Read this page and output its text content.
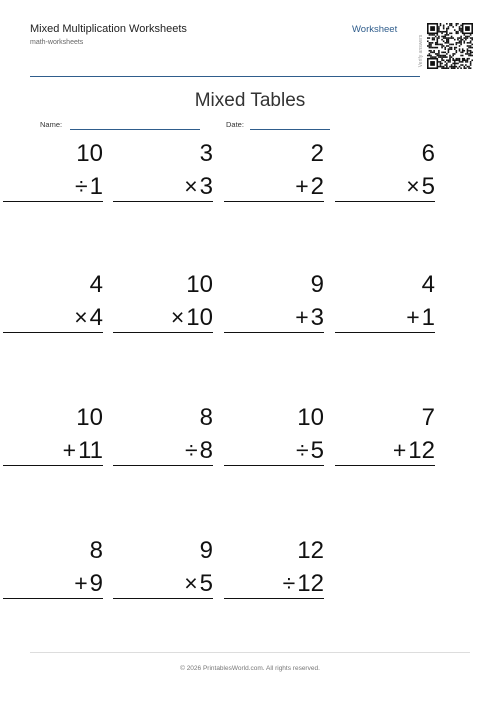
Mixed Multiplication Worksheets
math-worksheets
Worksheet
Verify answers
Mixed Tables
Name:	Date:
10
÷1
3
×3
2
+2
6
×5
4
×4
10
×10
9
+3
4
+1
10
+11
8
÷8
10
÷5
7
+12
8
+9
9
×5
12
÷12
© 2026 PrintablesWorld.com. All rights reserved.
